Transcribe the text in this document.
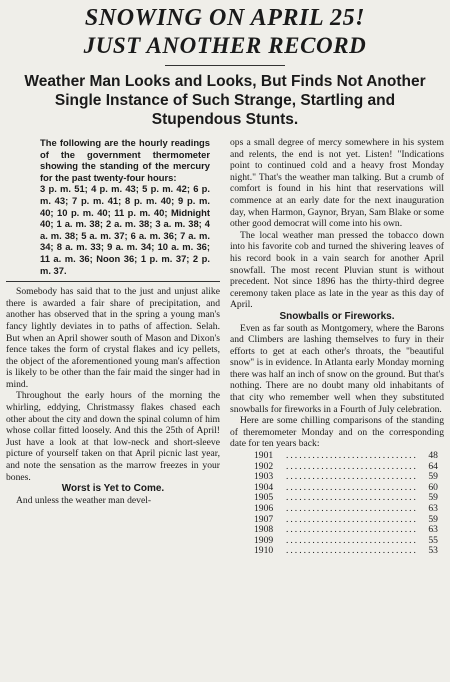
SNOWING ON APRIL 25!
JUST ANOTHER RECORD
Weather Man Looks and Looks, But Finds Not Another Single Instance of Such Strange, Startling and Stupendous Stunts.
The following are the hourly readings of the government thermometer showing the standing of the mercury for the past twenty-four hours:
3 p. m. 51; 4 p. m. 43; 5 p. m. 42; 6 p. m. 43; 7 p. m. 41; 8 p. m. 40; 9 p. m. 40; 10 p. m. 40; 11 p. m. 40; Midnight 40; 1 a. m. 38; 2 a. m. 38; 3 a. m. 38; 4 a. m. 38; 5 a. m. 37; 6 a. m. 36; 7 a. m. 34; 8 a. m. 33; 9 a. m. 34; 10 a. m. 36; 11 a. m. 36; Noon 36; 1 p. m. 37; 2 p. m. 37.

Somebody has said that to the just and unjust alike there is awarded a fair share of precipitation, and another has observed that in the spring a young man's fancy lightly deviates in to paths of affection. Selah. But when an April shower south of Mason and Dixon's fence takes the form of crystal flakes and icy pellets, the object of the aforementioned young man's affection is likely to be other than the fair maid the singer had in mind.

Throughout the early hours of the morning the whirling, eddying, Christmassy flakes chased each other about the city and down the spinal column of him whose collar fitted loosely. And this the 25th of April! Just have a look at that low-neck and short-sleeve picture of yourself taken on that April picnic last year, and note the sensation as the marrow freezes in your bones.

Worst is Yet to Come.

And unless the weather man devel-

ops a small degree of mercy somewhere in his system and relents, the end is not yet. Listen! "Indications point to continued cold and a heavy frost Monday night." That's the weather man talking. But a crumb of comfort is found in his hint that reservations will commence at an early date for the next inauguration day, when Harmon, Gaynor, Bryan, Sam Blake or some other good democrat will come into his own.

The local weather man pressed the tobacco down into his favorite cob and turned the shivering leaves of his record book in a vain search for another April snowfall. The most recent Pluvian stunt is without precedent. Not since 1896 has the thirty-third degree ceremony taken place as late in the year as this day of April.

Snowballs or Fireworks.

Even as far south as Montgomery, where the Barons and Climbers are lashing themselves to fury in their efforts to get at each other's throats, the "beautiful snow" is in evidence. In Atlanta early Monday morning there was half an inch of snow on the ground. But that's nothing. There are no doubt many old inhabitants of that city who remember well when they substituted snowballs for fireworks in a Fourth of July celebration.

Here are some chilling comparisons of the standing of theremometer Monday and on the corresponding date for ten years back:

1901	..............................	48
1902	..............................	64
1903	..............................	59
1904	..............................	60
1905	..............................	59
1906	..............................	63
1907	..............................	59
1908	..............................	63
1909	..............................	55
1910	..............................	53
